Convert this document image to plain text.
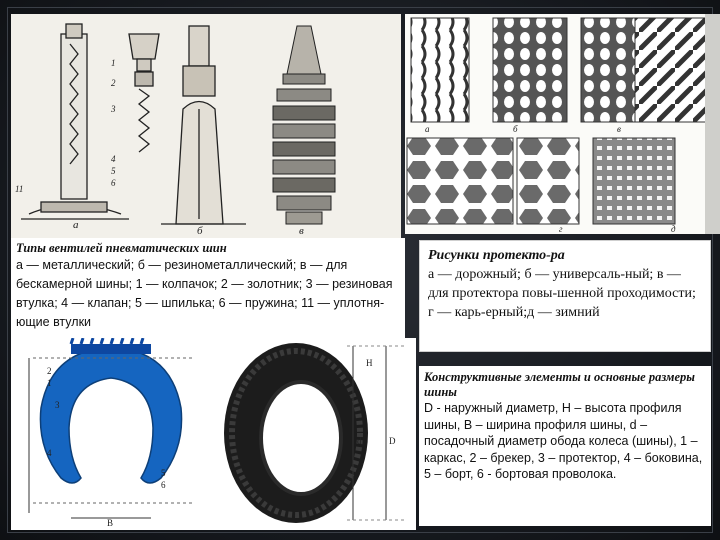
а	б	в
1
2
3
4
5
6
11
Типы вентилей пневматических шин
а — металлический; б — резинометаллический; в — для бескамерной шины; 1 — колпачок; 2 — золотник; 3 — резиновая втулка; 4 — клапан; 5 — шпилька; 6 — пружина; 11 — уплотня-ющие втулки
а	б	в
г	д
Рисунки протекто-ра
а — дорожный; б — универсаль-ный; в — для протектора повы-шенной проходимости; г — карь-ерный;д — зимний
H
d	D
1
2
3
4
5
6
B
Конструктивные элементы и основные размеры шины
D - наружный диаметр, H – высота профиля шины, B – ширина профиля шины, d – посадочный диаметр обода колеса (шины), 1 – каркас, 2 – брекер, 3 – протектор, 4 – боковина, 5 – борт, 6 - бортовая проволока.
